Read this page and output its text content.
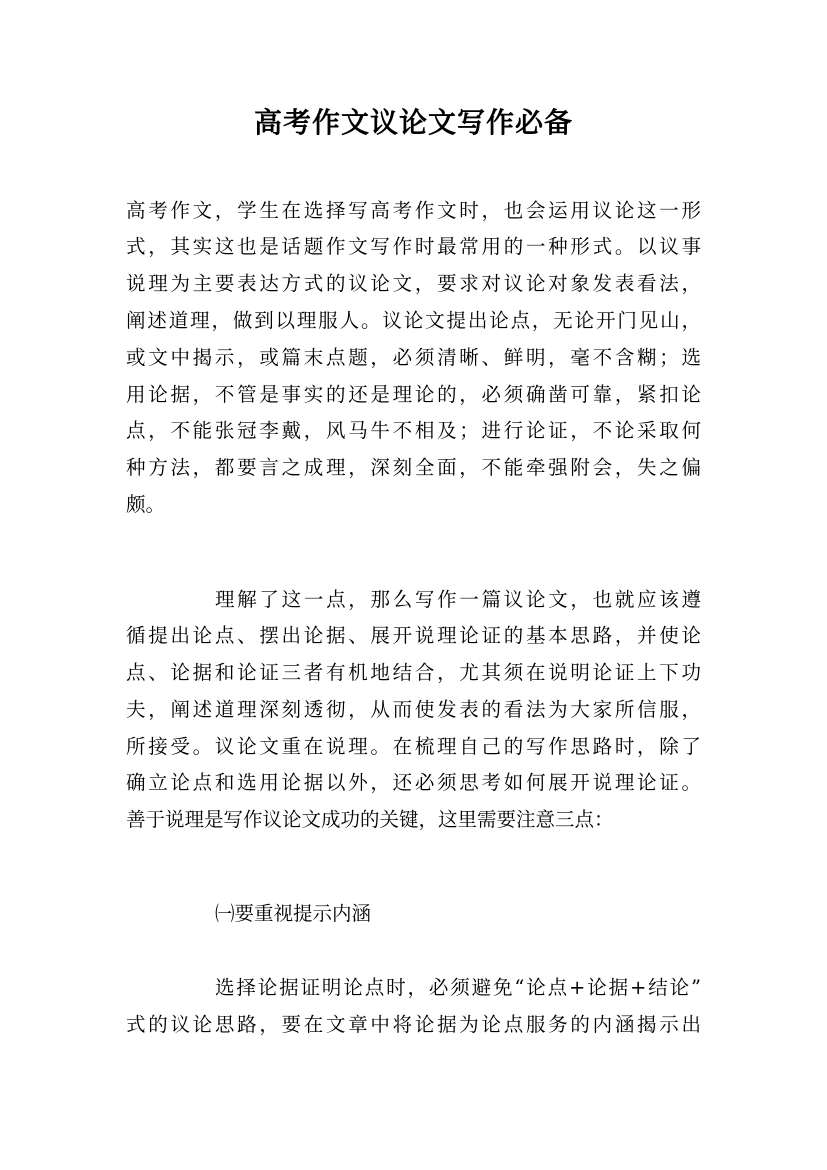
高考作文议论文写作必备
高考作文，学生在选择写高考作文时，也会运用议论这一形
式，其实这也是话题作文写作时最常用的一种形式。以议事
说理为主要表达方式的议论文，要求对议论对象发表看法，
阐述道理，做到以理服人。议论文提出论点，无论开门见山，
或文中揭示，或篇末点题，必须清晰、鲜明，毫不含糊；选
用论据，不管是事实的还是理论的，必须确凿可靠，紧扣论
点，不能张冠李戴，风马牛不相及；进行论证，不论采取何
种方法，都要言之成理，深刻全面，不能牵强附会，失之偏
颇。
理解了这一点，那么写作一篇议论文，也就应该遵
循提出论点、摆出论据、展开说理论证的基本思路，并使论
点、论据和论证三者有机地结合，尤其须在说明论证上下功
夫，阐述道理深刻透彻，从而使发表的看法为大家所信服，
所接受。议论文重在说理。在梳理自己的写作思路时，除了
确立论点和选用论据以外，还必须思考如何展开说理论证。
善于说理是写作议论文成功的关键，这里需要注意三点：
㈠要重视提示内涵
选择论据证明论点时，必须避免“论点+论据+结论”
式的议论思路，要在文章中将论据为论点服务的内涵揭示出
